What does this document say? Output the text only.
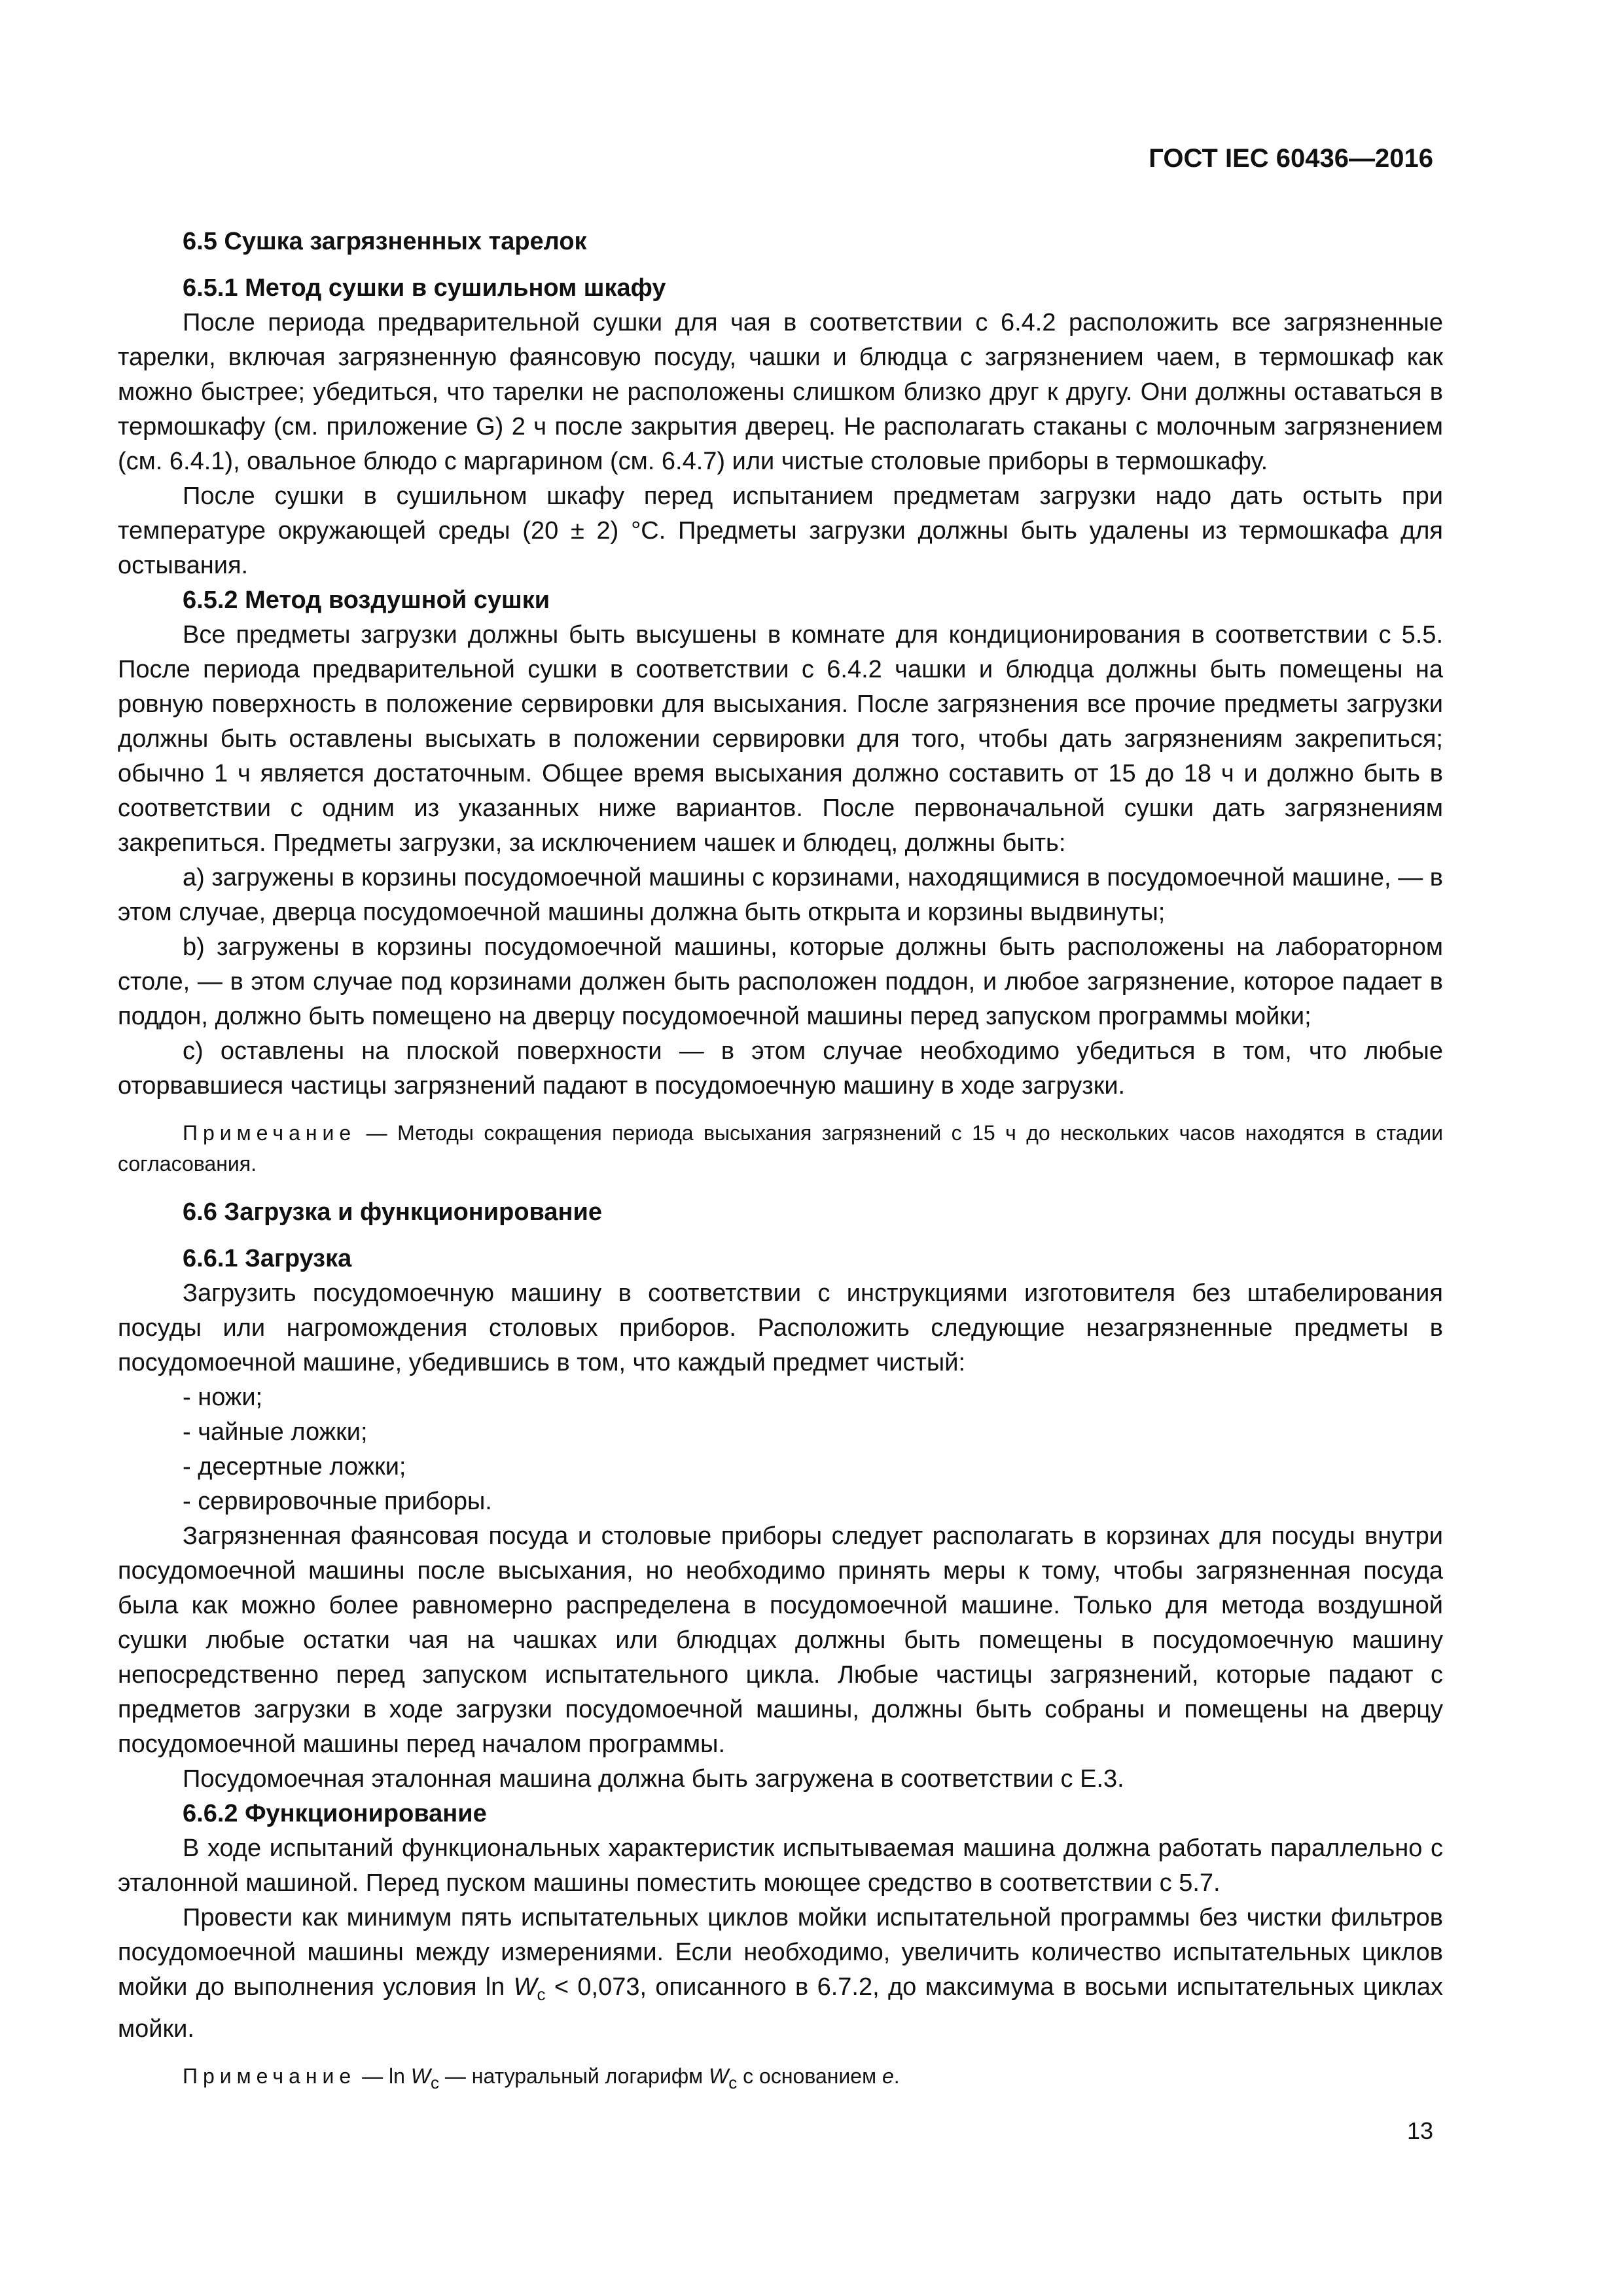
ГОСТ IEC 60436—2016

6.5 Сушка загрязненных тарелок

6.5.1 Метод сушки в сушильном шкафу

После периода предварительной сушки для чая в соответствии с 6.4.2 расположить все загрязненные тарелки, включая загрязненную фаянсовую посуду, чашки и блюдца с загрязнением чаем, в термошкаф как можно быстрее; убедиться, что тарелки не расположены слишком близко друг к другу. Они должны оставаться в термошкафу (см. приложение G) 2 ч после закрытия дверец. Не располагать стаканы с молочным загрязнением (см. 6.4.1), овальное блюдо с маргарином (см. 6.4.7) или чистые столовые приборы в термошкафу.

После сушки в сушильном шкафу перед испытанием предметам загрузки надо дать остыть при температуре окружающей среды (20 ± 2) °С. Предметы загрузки должны быть удалены из термошкафа для остывания.

6.5.2 Метод воздушной сушки

Все предметы загрузки должны быть высушены в комнате для кондиционирования в соответствии с 5.5. После периода предварительной сушки в соответствии с 6.4.2 чашки и блюдца должны быть помещены на ровную поверхность в положение сервировки для высыхания. После загрязнения все прочие предметы загрузки должны быть оставлены высыхать в положении сервировки для того, чтобы дать загрязнениям закрепиться; обычно 1 ч является достаточным. Общее время высыхания должно составить от 15 до 18 ч и должно быть в соответствии с одним из указанных ниже вариантов. После первоначальной сушки дать загрязнениям закрепиться. Предметы загрузки, за исключением чашек и блюдец, должны быть:

a) загружены в корзины посудомоечной машины с корзинами, находящимися в посудомоечной машине, — в этом случае, дверца посудомоечной машины должна быть открыта и корзины выдвинуты;

b) загружены в корзины посудомоечной машины, которые должны быть расположены на лабораторном столе, — в этом случае под корзинами должен быть расположен поддон, и любое загрязнение, которое падает в поддон, должно быть помещено на дверцу посудомоечной машины перед запуском программы мойки;

c) оставлены на плоской поверхности — в этом случае необходимо убедиться в том, что любые оторвавшиеся частицы загрязнений падают в посудомоечную машину в ходе загрузки.

Примечание — Методы сокращения периода высыхания загрязнений с 15 ч до нескольких часов находятся в стадии согласования.

6.6 Загрузка и функционирование

6.6.1 Загрузка

Загрузить посудомоечную машину в соответствии с инструкциями изготовителя без штабелирования посуды или нагромождения столовых приборов. Расположить следующие незагрязненные предметы в посудомоечной машине, убедившись в том, что каждый предмет чистый:

- ножи;

- чайные ложки;

- десертные ложки;

- сервировочные приборы.

Загрязненная фаянсовая посуда и столовые приборы следует располагать в корзинах для посуды внутри посудомоечной машины после высыхания, но необходимо принять меры к тому, чтобы загрязненная посуда была как можно более равномерно распределена в посудомоечной машине. Только для метода воздушной сушки любые остатки чая на чашках или блюдцах должны быть помещены в посудомоечную машину непосредственно перед запуском испытательного цикла. Любые частицы загрязнений, которые падают с предметов загрузки в ходе загрузки посудомоечной машины, должны быть собраны и помещены на дверцу посудомоечной машины перед началом программы.

Посудомоечная эталонная машина должна быть загружена в соответствии с Е.3.

6.6.2 Функционирование

В ходе испытаний функциональных характеристик испытываемая машина должна работать параллельно с эталонной машиной. Перед пуском машины поместить моющее средство в соответствии с 5.7.

Провести как минимум пять испытательных циклов мойки испытательной программы без чистки фильтров посудомоечной машины между измерениями. Если необходимо, увеличить количество испытательных циклов мойки до выполнения условия $\ln W_c < 0,073$, описанного в 6.7.2, до максимума в восьми испытательных циклах мойки.

Примечание — $\ln W_c$ — натуральный логарифм $W_c$ с основанием e.

13
